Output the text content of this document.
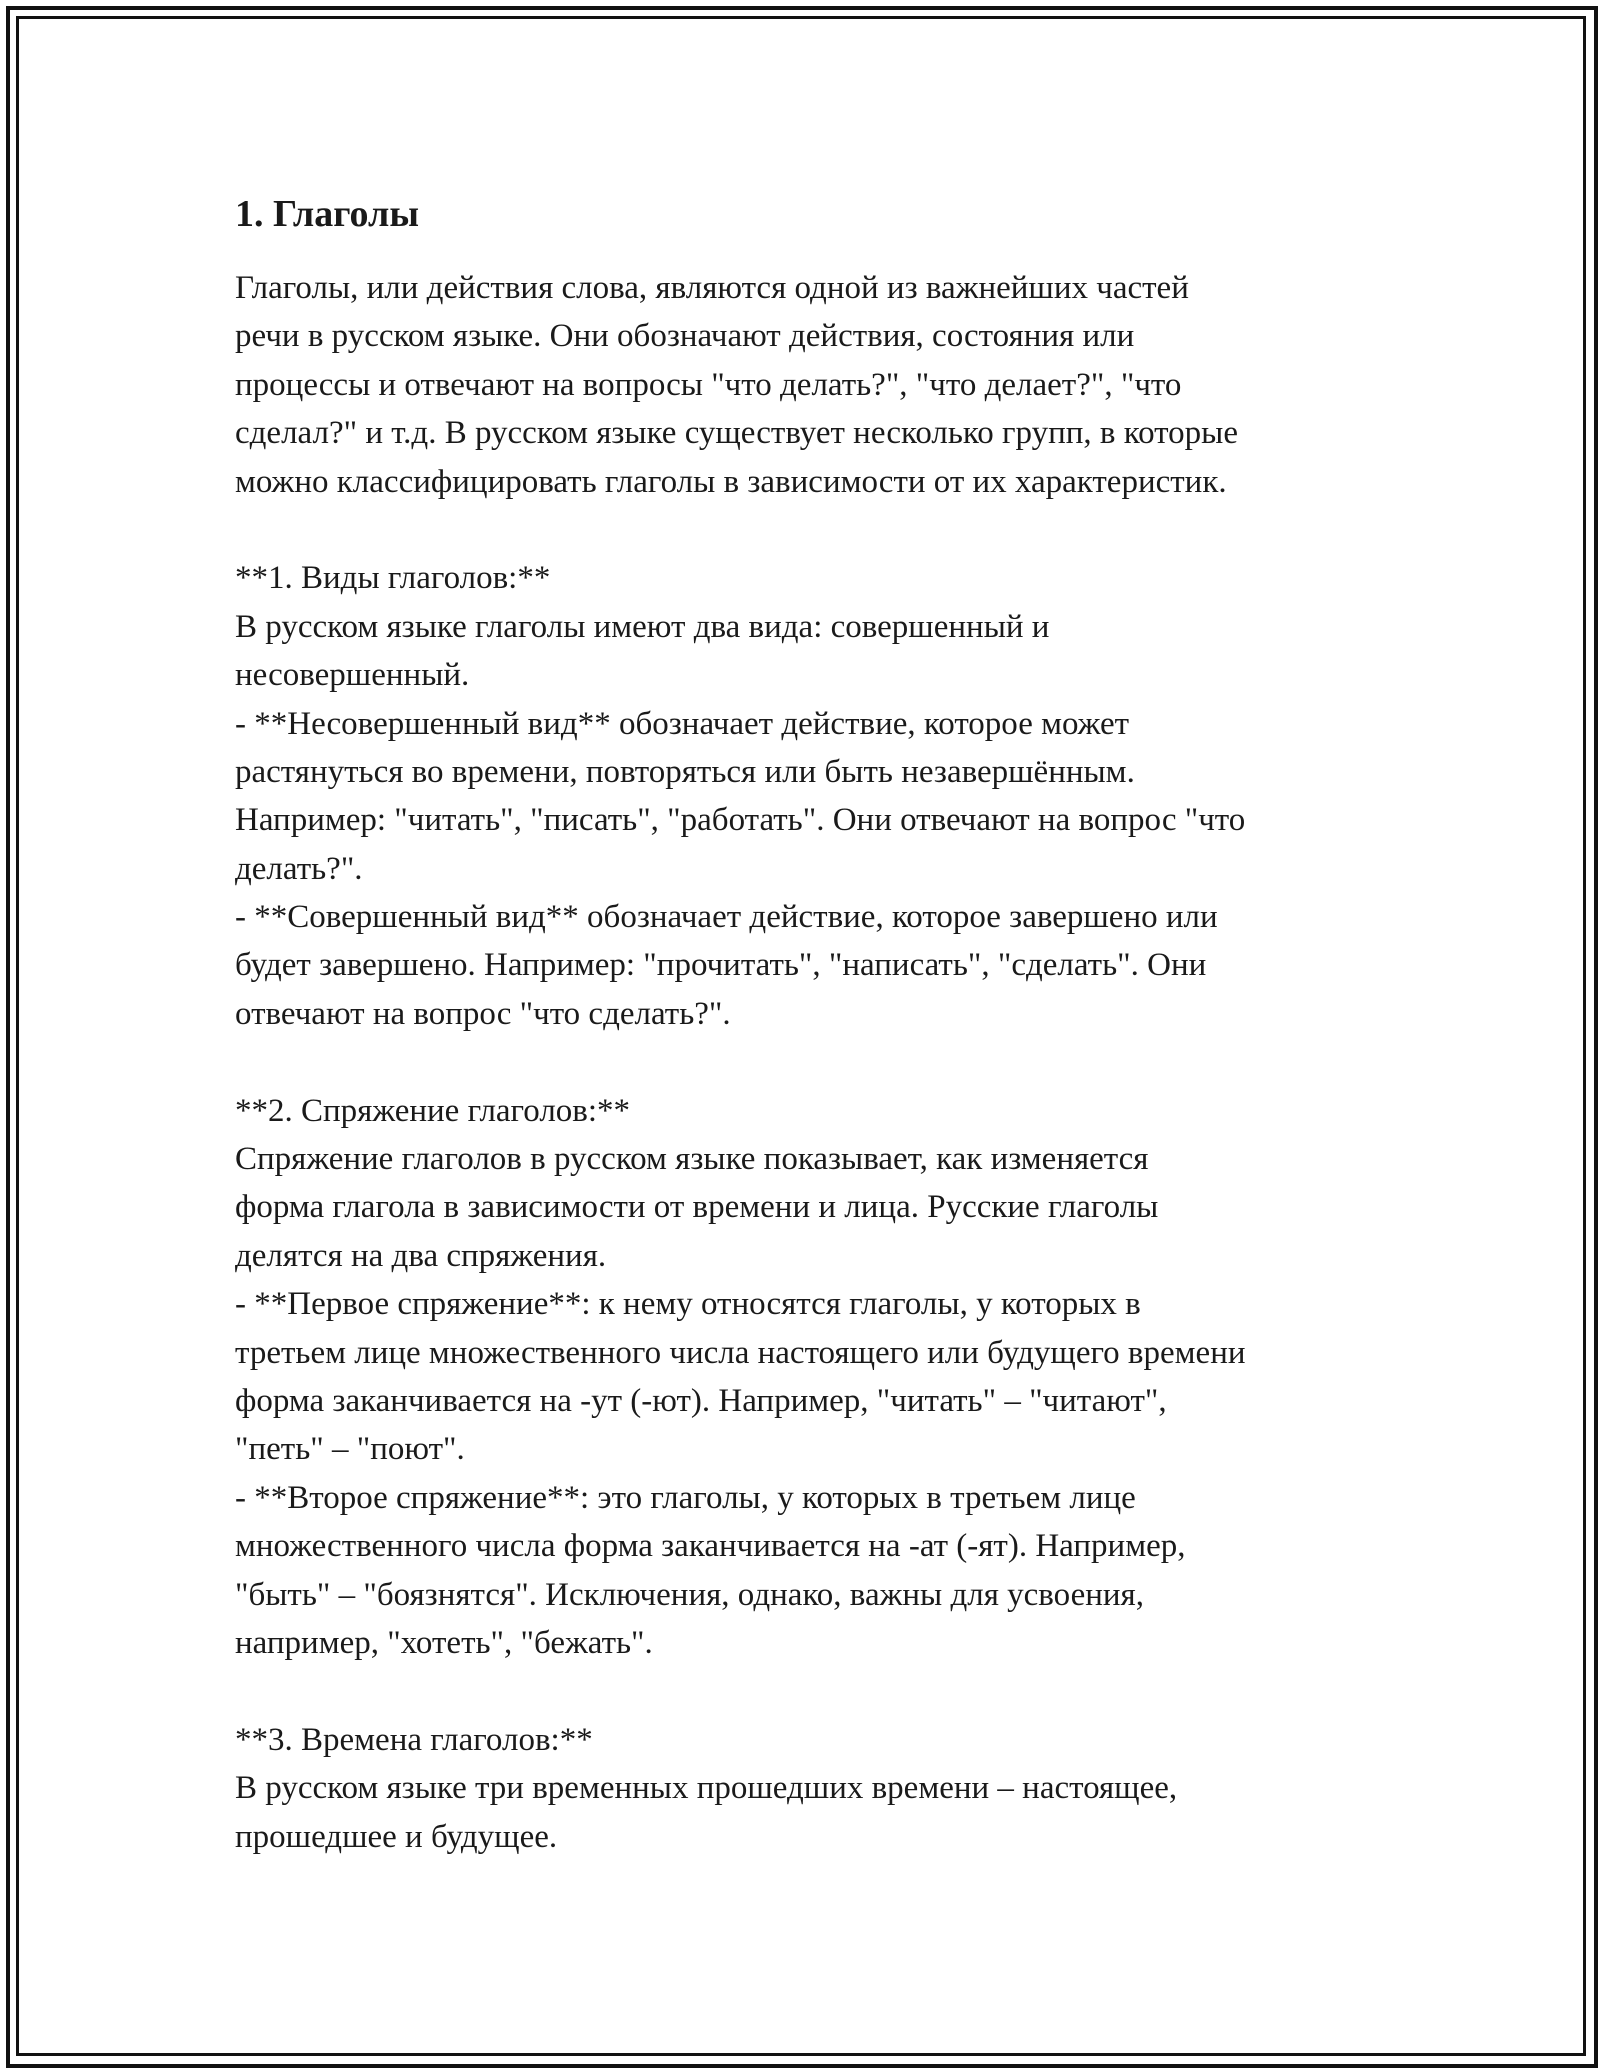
1. Глаголы

Глаголы, или действия слова, являются одной из важнейших частей

речи в русском языке. Они обозначают действия, состояния или

процессы и отвечают на вопросы "что делать?", "что делает?", "что

сделал?" и т.д. В русском языке существует несколько групп, в которые

можно классифицировать глаголы в зависимости от их характеристик.

**1. Виды глаголов:**

В русском языке глаголы имеют два вида: совершенный и

несовершенный.

- **Несовершенный вид** обозначает действие, которое может

растянуться во времени, повторяться или быть незавершённым.

Например: "читать", "писать", "работать". Они отвечают на вопрос "что

делать?".

- **Совершенный вид** обозначает действие, которое завершено или

будет завершено. Например: "прочитать", "написать", "сделать". Они

отвечают на вопрос "что сделать?".

**2. Спряжение глаголов:**

Спряжение глаголов в русском языке показывает, как изменяется

форма глагола в зависимости от времени и лица. Русские глаголы

делятся на два спряжения.

- **Первое спряжение**: к нему относятся глаголы, у которых в

третьем лице множественного числа настоящего или будущего времени

форма заканчивается на -ут (-ют). Например, "читать" – "читают",

"петь" – "поют".

- **Второе спряжение**: это глаголы, у которых в третьем лице

множественного числа форма заканчивается на -ат (-ят). Например,

"быть" – "боязнятся". Исключения, однако, важны для усвоения,

например, "хотеть", "бежать".

**3. Времена глаголов:**

В русском языке три временных прошедших времени – настоящее,

прошедшее и будущее.
